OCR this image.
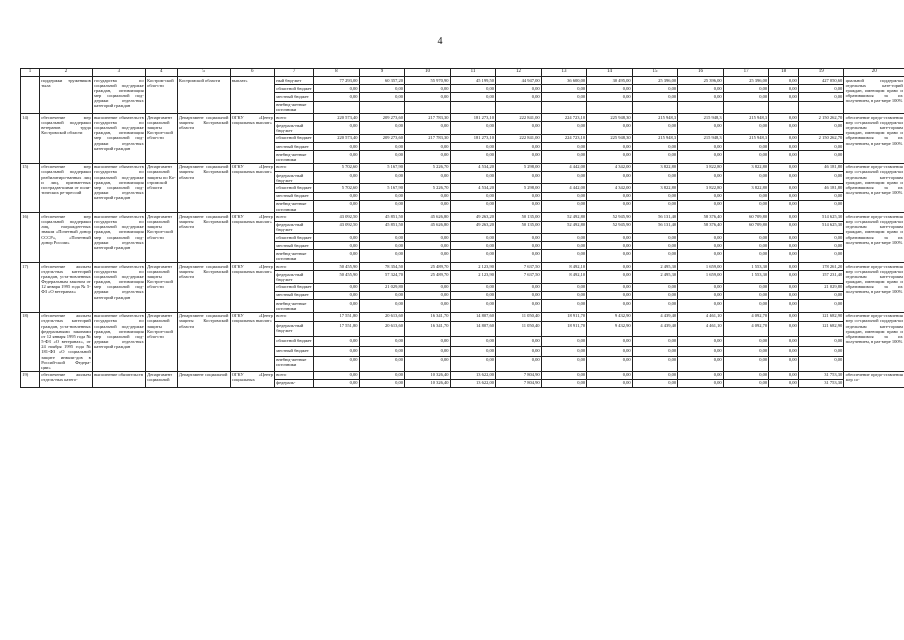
4
1	2	3	4	5	6	7	8	9	10	11	12	13	14	15	16	17	18	19	20
	поддержки тружеников тыла	государства по социальной под-держке граждан, оптимизация мер социальной под-держки отдель-ных категорий граждан	Костром-ской обла-сти	Костромской области	выплат»	ный бюд-жет	77 293,00	60 357,20	55 970,90	45 199,50	44 947,00	36 600,00	30 495,00	25 396,00	25 396,00	25 396,00	0,00	427 050,60	циальной поддерж-ки отдельных кате-горий граждан, имеющим право и обратившимся за их получением, в раз-мере 100%
						областной бюджет	0,00	0,00	0,00	0,00	0,00	0,00	0,00	0,00	0,00	0,00	0,00	0,00	
						местный бюджет	0,00	0,00	0,00	0,00	0,00	0,00	0,00	0,00	0,00	0,00	0,00	0,00	
						внебюд-жетные источники													
14)	обеспечение мер социальной поддержки ветеранов труда Костромской области	выполнение обязательств государства по социальной под-держке граждан, оптимизация мер социальной под-держки отдель-ных категорий граждан	Департамент социальной защиты Кострое-ской обла-сти	Департамент социальной защиты Костромской области	ОГКУ «Центр социальных выплат»	всего	220 573,40	209 273,60	217 783,30	181 273,10	222 841,00	224 723,10	225 948,30	215 948,3	215 948,3	215 948,3	0,00	2 150 262,70	обеспечение предо-ставления мер со-циальной поддерж-ки отдельным кате-гориям граждан, имеющим право и обратившимся за их получением, в раз-мере 100%
						федераль-ный бюд-жет	0,00	0,00	0,00	0,00	0,00	0,00	0,00	0,00	0,00	0,00	0,00	0,00	
						областной бюджет	220 573,40	209 273,60	217 783,30	181 273,10	222 841,00	224 723,10	225 948,30	215 948,3	215 948,3	215 948,3	0,00	2 150 262,70	
						местный бюджет	0,00	0,00	0,00	0,00	0,00	0,00	0,00	0,00	0,00	0,00	0,00	0,00	
						внебюд-жетные источники	0,00	0,00	0,00	0,00	0,00	0,00	0,00	0,00	0,00	0,00	0,00	0,00	
15)	обеспечение мер социальной поддержки реабилитиро-ванных лиц и лиц, признан-ных пострадав-шими от поли-тических ре-прессий	выполнение обязательств государства по социальной под-держке граждан, оптимизация мер социальной под-держки отдель-ных категорий граждан	Департамент социальной защиты по Ко-стромской области	Департамент социальной защиты Костромской области	ОГКУ «Центр социальных выплат»	всего	5 702,60	5 167,90	5 226,70	4 534,20	5 298,00	4 442,00	4 342,00	3 822,80	3 822,80	3 822,80	0,00	46 181,80	обеспечение предо-ставления мер со-циальной поддерж-ки отдельным кате-гориям граждан, имеющим право и обратившимся за их получением, в раз-мере 100%
						федераль-ный бюд-жет	0,00	0,00	0,00	0,00	0,00	0,00	0,00	0,00	0,00	0,00	0,00	0,00	
						областной бюджет	5 702,60	5 167,90	5 226,70	4 534,20	5 298,00	4 442,00	4 342,00	3 822,80	3 822,80	3 822,80	0,00	46 181,80	
						местный бюджет	0,00	0,00	0,00	0,00	0,00	0,00	0,00	0,00	0,00	0,00	0,00	0,00	
						внебюд-жетные источники	0,00	0,00	0,00	0,00	0,00	0,00	0,00	0,00	0,00	0,00	0,00	0,00	
16)	обеспечение мер социальной поддержки лиц, награжден-ных знаком «Почетный донор СССР», «Почетный донор России»	выполнение обязательств государства по социальной под-держке граждан, оптимизация мер социальной под-держки отдель-ных категорий граждан	Департамент социальной защиты Кострое-ской обла-сти	Департамент социальной защиты Костромской области	ОГКУ «Центр социальных выплат»	всего	43 092,50	45 851,50	45 626,80	49 263,20	50 135,00	52 492,80	52 945,90	56 131,40	58 376,40	60 709,80	0,00	514 625,30	обеспечение предо-ставления мер со-циальной поддерж-ки отдельным кате-гориям граждан, имеющим право и обратившимся за их получением, в раз-мере 100%
						федераль-ный бюд-жет	43 092,50	45 851,50	45 626,80	49 263,20	50 135,00	52 492,80	52 945,90	56 131,40	58 376,40	60 709,80	0,00	514 625,30	
						областной бюджет	0,00	0,00	0,00	0,00	0,00	0,00	0,00	0,00	0,00	0,00	0,00	0,00	
						местный бюджет	0,00	0,00	0,00	0,00	0,00	0,00	0,00	0,00	0,00	0,00	0,00	0,00	
						внебюд-жетные источники	0,00	0,00	0,00	0,00	0,00	0,00	0,00	0,00	0,00	0,00	0,00	0,00	
17)	обеспечение жильем отдель-ных категорий граждан, уста-новленных Федеральным законом от 12 января 1995 года № 5-ФЗ «О ветеранах»	выполнение обязательств государства по социальной под-держке граждан, оптимизация мер социальной под-держки отдель-ных категорий граждан	Департамент социальной защиты Кострое-ской обла-сти	Департамент социальной защиты Костромской области	ОГКУ «Центр социальных выплат»	всего	50 455,90	78 354,50	25 489,70	2 123,90	7 637,50	8 492,10	0,00	2 495,30	1 659,00	1 553,30	0,00	178 261,20	обеспечение предо-ставления мер со-циальной поддерж-ки отдельным кате-гориям граждан, имеющим право и обратившимся за их получением, в раз-мере 100%
						федераль-ный бюд-жет	50 455,90	57 324,70	25 489,70	2 123,90	7 637,50	8 492,10	0,00	2 495,30	1 659,00	1 553,30	0,00	157 231,40	
						областной бюджет	0,00	21 029,80	0,00	0,00	0,00	0,00	0,00	0,00	0,00	0,00	0,00	21 029,80	
						местный бюджет	0,00	0,00	0,00	0,00	0,00	0,00	0,00	0,00	0,00	0,00	0,00	0,00	
						внебюд-жетные источники	0,00	0,00	0,00	0,00	0,00	0,00	0,00	0,00	0,00	0,00	0,00	0,00	
18)	обеспечение жильем отдель-ных категорий граждан, уста-новленных федеральными законами от 12 января 1995 года № 5-ФЗ «О ветеранах», от 24 ноября 1995 года № 181-ФЗ «О социальной защите инвали-дов в Россий-ской Федера-ции»	выполнение обязательств государства по социальной под-держке граждан, оптимизация мер социальной под-держки отдель-ных категорий граждан	Департамент социальной защиты Кострое-ской обла-сти	Департамент социальной защиты Костромской области	ОГКУ «Центр социальных выплат»	всего	17 551,80	20 613,60	16 341,70	14 807,60	11 050,40	18 911,70	9 432,90	4 439,40	4 461,10	4 092,70	0,00	121 682,90	обеспечение предо-ставления мер со-циальной поддерж-ки отдельным кате-гориям граждан, имеющим право и обратившимся за их получением, в раз-мере 100%
						федераль-ный бюд-жет	17 551,80	20 613,60	16 341,70	14 807,60	11 050,40	18 911,70	9 432,90	4 439,40	4 461,10	4 092,70	0,00	121 682,90	
						областной бюджет	0,00	0,00	0,00	0,00	0,00	0,00	0,00	0,00	0,00	0,00	0,00	0,00	
						местный бюджет	0,00	0,00	0,00	0,00	0,00	0,00	0,00	0,00	0,00	0,00	0,00	0,00	
						внебюд-жетные источники	0,00	0,00	0,00	0,00	0,00	0,00	0,00	0,00	0,00	0,00	0,00	0,00	
19)	обеспечение жильем отдель-ных катего-	выполнение обязательств	Департамент социальной	Департамент социальной	ОГКУ «Центр социальных	всего	0,00	0,00	10 326,40	13 622,00	7 804,90	0,00	0,00	0,00	0,00	0,00	0,00	31 753,30	обеспечение предо-ставления мер со-
						федераль-	0,00	0,00	10 326,40	13 622,00	7 804,90	0,00	0,00	0,00	0,00	0,00	0,00	31 753,30	
